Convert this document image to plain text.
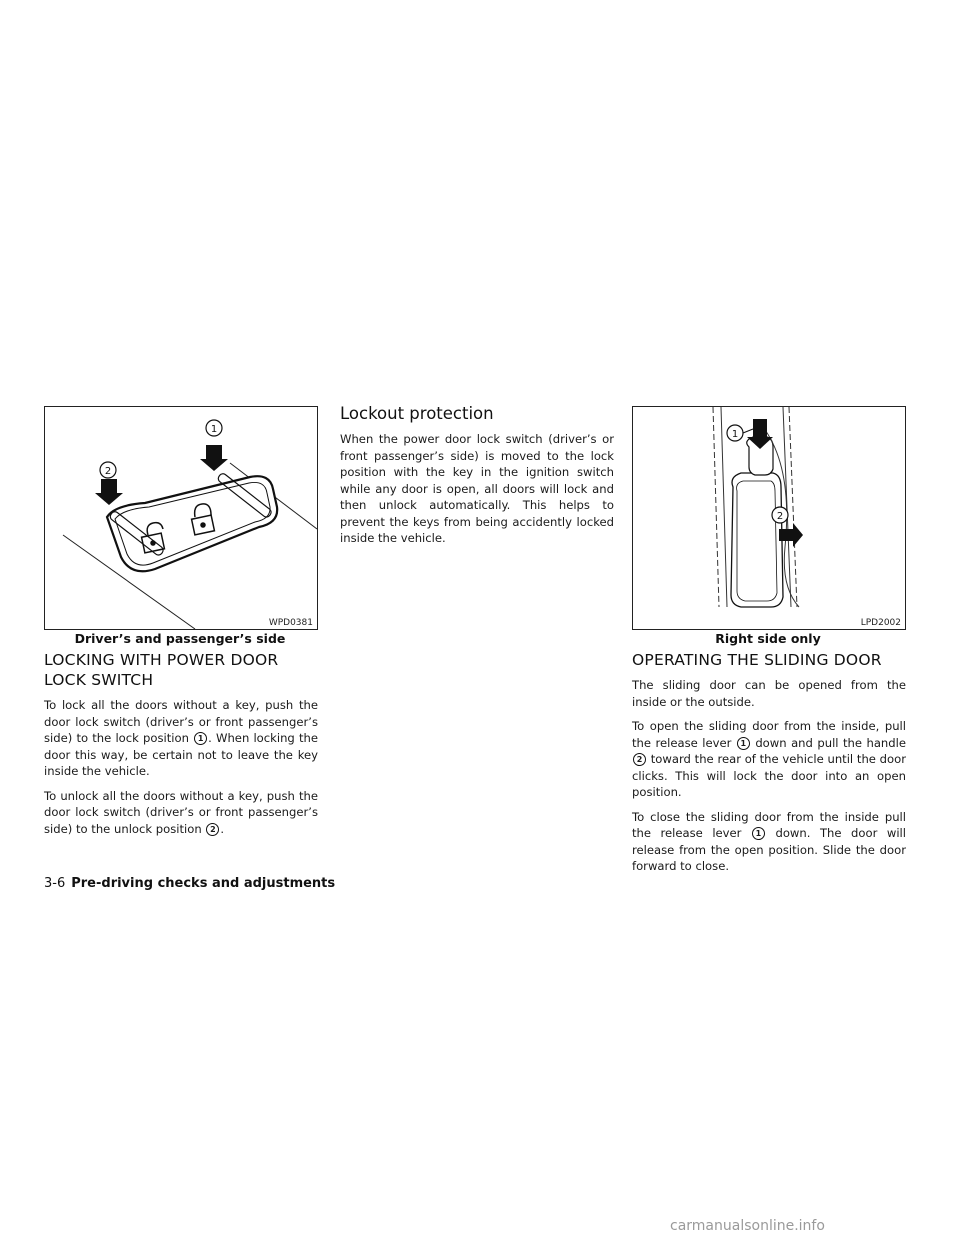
1
2
WPD0381
Driver’s and passenger’s side
LOCKING WITH POWER DOOR
LOCK SWITCH

To lock all the doors without a key, push the door lock switch (driver’s or front passenger’s side) to the lock position 1 . When locking the door this way, be certain not to leave the key inside the vehicle.

To unlock all the doors without a key, push the door lock switch (driver’s or front passenger’s side) to the unlock position 2 .

Lockout protection

When the power door lock switch (driver’s or front passenger’s side) is moved to the lock position with the key in the ignition switch while any door is open, all doors will lock and then unlock automatically. This helps to prevent the keys from being accidently locked inside the vehicle.

1
2
LPD2002
Right side only
OPERATING THE SLIDING DOOR

The sliding door can be opened from the inside or the outside.

To open the sliding door from the inside, pull the release lever 1 down and pull the handle 2 toward the rear of the vehicle until the door clicks. This will lock the door into an open position.

To close the sliding door from the inside pull the release lever 1 down. The door will release from the open position. Slide the door forward to close.

3-6 Pre-driving checks and adjustments
carmanualsonline.info
